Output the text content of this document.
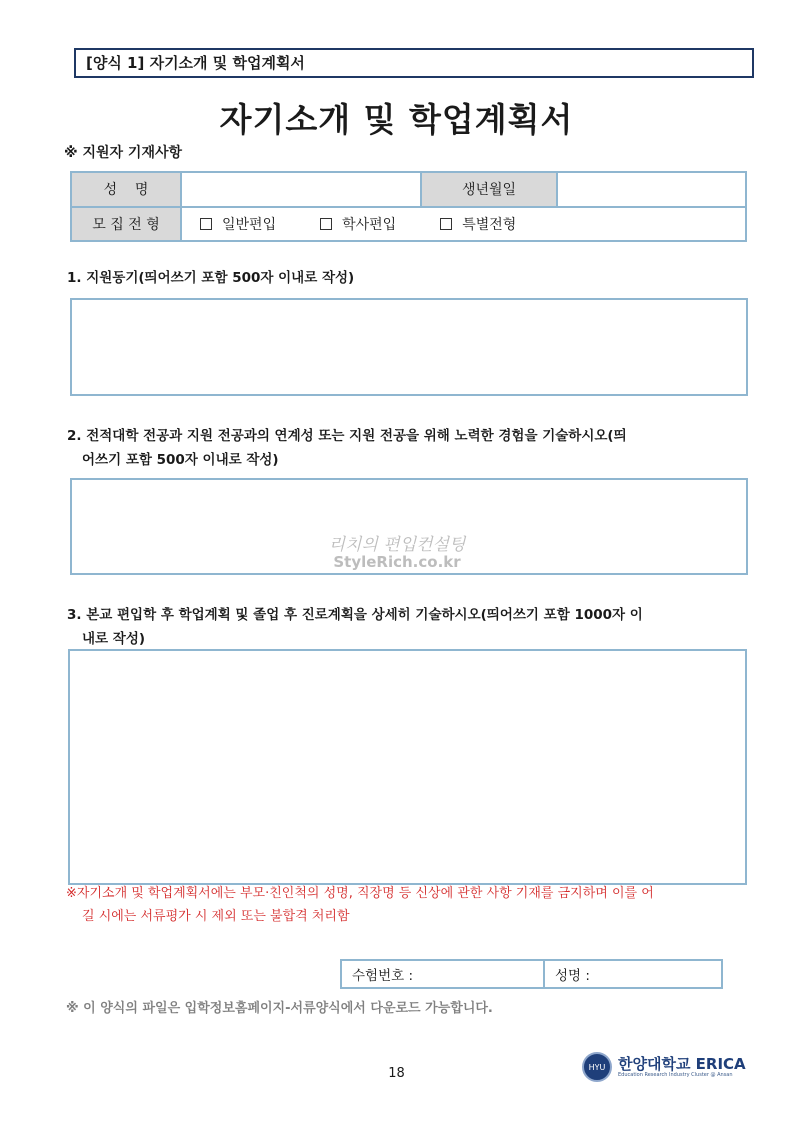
[양식 1] 자기소개 및 학업계획서
자기소개 및 학업계획서
※ 지원자 기재사항
성    명		생년월일	
모 집 전 형	일반편입 학사편입 특별전형		
1. 지원동기(띄어쓰기 포함 500자 이내로 작성)
2. 전적대학 전공과 지원 전공과의 연계성 또는 지원 전공을 위해 노력한 경험을 기술하시오(띄
어쓰기 포함 500자 이내로 작성)
3. 본교 편입학 후 학업계획 및 졸업 후 진로계획을 상세히 기술하시오(띄어쓰기 포함 1000자 이
내로 작성)
리치의 편입컨설팅
StyleRich.co.kr
※자기소개 및 학업계획서에는 부모·친인척의 성명, 직장명 등 신상에 관한 사항 기재를 금지하며 이를 어
길 시에는 서류평가 시 제외 또는 불합격 처리함
수험번호 :	성명 :
※ 이 양식의 파일은 입학정보홈페이지-서류양식에서 다운로드 가능합니다.
18	HYU 한양대학교 ERICA
Education Research Industry Cluster @ Ansan
